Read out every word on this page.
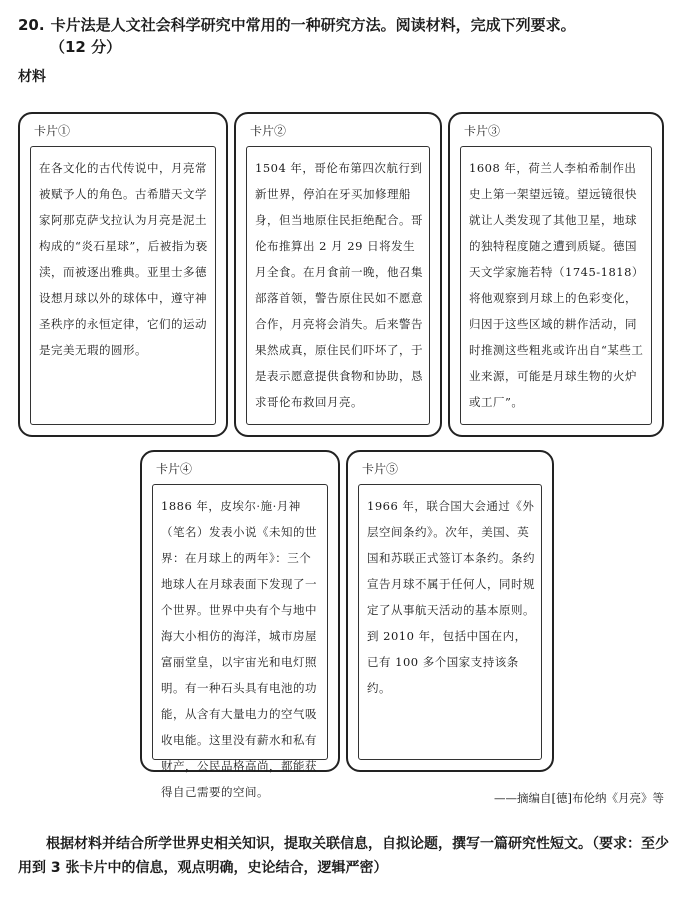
20. 卡片法是人文社会科学研究中常用的一种研究方法。阅读材料，完成下列要求。
（12 分）
材料
卡片①
在各文化的古代传说中，月亮常被赋予人的角色。古希腊天文学家阿那克萨戈拉认为月亮是泥土构成的“炎石星球”，后被指为亵渎，而被逐出雅典。亚里士多德设想月球以外的球体中，遵守神圣秩序的永恒定律，它们的运动是完美无瑕的圆形。
卡片②
1504 年，哥伦布第四次航行到新世界，停泊在牙买加修理船身，但当地原住民拒绝配合。哥伦布推算出 2 月 29 日将发生月全食。在月食前一晚，他召集部落首领，警告原住民如不愿意合作，月亮将会消失。后来警告果然成真，原住民们吓坏了，于是表示愿意提供食物和协助，恳求哥伦布救回月亮。
卡片③
1608 年，荷兰人李柏希制作出史上第一架望远镜。望远镜很快就让人类发现了其他卫星，地球的独特程度随之遭到质疑。德国天文学家施若特（1745-1818）将他观察到月球上的色彩变化，归因于这些区域的耕作活动，同时推测这些粗兆或许出自“某些工业来源，可能是月球生物的火炉或工厂”。
卡片④
1886 年，皮埃尔·施·月神（笔名）发表小说《未知的世界：在月球上的两年》：三个地球人在月球表面下发现了一个世界。世界中央有个与地中海大小相仿的海洋，城市房屋富丽堂皇，以宇宙光和电灯照明。有一种石头具有电池的功能，从含有大量电力的空气吸收电能。这里没有薪水和私有财产，公民品格高尚，都能获得自己需要的空间。
卡片⑤
1966 年，联合国大会通过《外层空间条约》。次年，美国、英国和苏联正式签订本条约。条约宣告月球不属于任何人，同时规定了从事航天活动的基本原则。到 2010 年，包括中国在内，已有 100 多个国家支持该条约。
——摘编自[德]布伦纳《月亮》等
根据材料并结合所学世界史相关知识，提取关联信息，自拟论题，撰写一篇研究性短文。（要求：至少用到 3 张卡片中的信息，观点明确，史论结合，逻辑严密）
